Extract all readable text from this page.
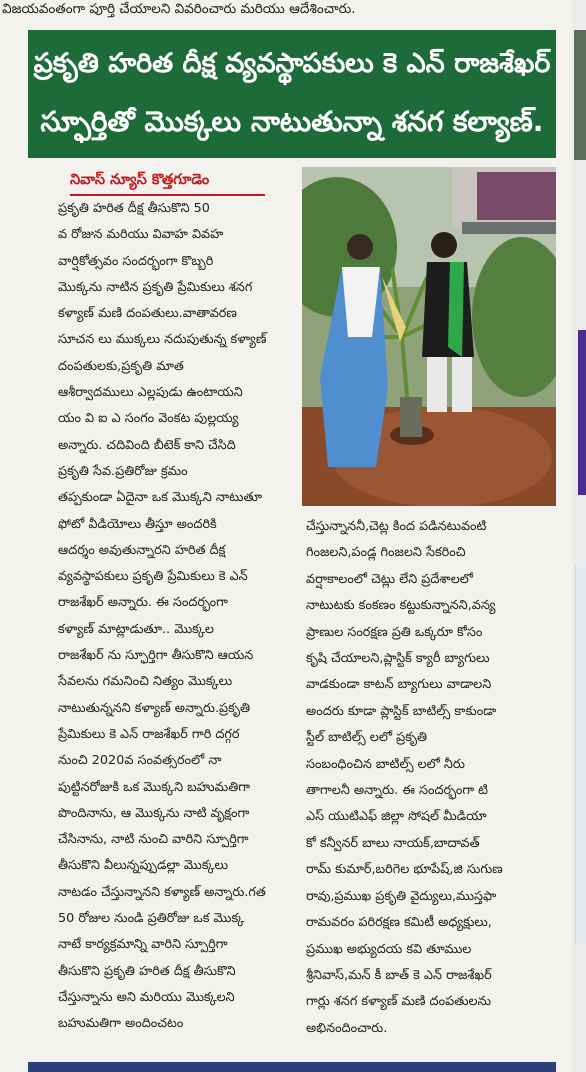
విజయవంతంగా పూర్తి చేయాలని వివరించారు మరియు ఆదేశించారు.
ప్రకృతి హరిత దీక్ష వ్యవస్థాపకులు కె ఎన్ రాజశేఖర్
స్ఫూర్తితో మొక్కలు నాటుతున్నా శనగ కల్యాణ్.
నివాస్ న్యూస్ కొత్తగూడెం
ప్రకృతి హరిత దీక్ష తీసుకొని 50
వ రోజున మరియు వివాహ వివహ
వార్షికోత్సవం సందర్భంగా కొబ్బరి
మొక్కను నాటిన ప్రకృతి ప్రేమికులు శనగ
కళ్యాణ్ మణి దంపతులు.వాతావరణ
సూచన లు ముక్కలు నదుపుతున్న కళ్యాణ్
దంపతులకు,ప్రకృతి మాత
ఆశీర్వాదములు ఎల్లపుడు ఉంటాయని
యం వి ఐ ఎ సంగం వెంకట పుల్లయ్య
అన్నారు. చదివింది బీటెక్ కాని చేసిది
ప్రకృతి సేవ.ప్రతిరోజు క్రమం
తప్పకుండా ఏదైనా ఒక మొక్కని నాటుతూ
ఫోటో వీడియోలు తీస్తూ అందరికి
ఆదర్శం అవుతున్నారని హరిత దీక్ష
వ్యవస్థాపకులు ప్రకృతి ప్రేమికులు కె ఎన్
రాజశేఖర్ అన్నారు. ఈ సందర్భంగా
కళ్యాణ్ మాట్లాడుతూ.. మొక్కల
రాజశేఖర్ ను స్ఫూర్తిగా తీసుకొని ఆయన
సేవలను గమనించి నిత్యం మొక్కలు
నాటుతున్ననని కళ్యాణ్ అన్నారు.ప్రకృతి
ప్రేమికులు కె ఎన్ రాజశేఖర్ గారి దగ్గర
నుంచి 2020వ సంవత్సరంలో నా
పుట్టినరోజుకి ఒక మొక్కని బహుమతిగా
పొందినాను, ఆ మొక్కను నాటి వృక్షంగా
చేసినాను, నాటి నుంచి వారిని స్పూర్తిగా
తీసుకొని వీలున్నప్పుడల్లా మొక్కలు
నాటడం చేస్తున్నానని కళ్యాణ్ అన్నారు.గత
50 రోజుల నుండి ప్రతిరోజు ఒక మొక్క
నాటే కార్యక్రమాన్ని వారిని స్పూర్తిగా
తీసుకొని ప్రకృతి హరిత దీక్ష తీసుకొని
చేస్తున్నాను అని మరియు మొక్కలని
బహుమతిగా అందించటం
చేస్తున్నాననీ,చెట్ల కింద పడినటువంటి
గింజలని,పండ్ల గింజలని సేకరించి
వర్షాకాలంలో చెట్లు లేని ప్రదేశాలలో
నాటుటకు కంకణం కట్టుకున్నానని,వన్య
ప్రాణుల సంరక్షణ ప్రతి ఒక్కరూ కోసం
కృషి చేయాలని,ప్లాస్టిక్ క్యారీ బ్యాగులు
వాడకుండా కాటన్ బ్యాగులు వాడాలని
అందరు కూడా ప్లాస్టిక్ బాటిల్స్ కాకుండా
స్టీల్ బాటిల్స్ లలో ప్రకృతి
సంబంధించిన బాటిల్స్ లలో నీరు
తాగాలనీ అన్నారు. ఈ సందర్భంగా టి
ఎస్ యుటిఎఫ్ జిల్లా సోషల్ మీడియా
కో కన్వీనర్ బాలు నాయక్,బాదావత్
రామ్ కుమార్,బరిగెల భూపేష్,జి సుగుణ
రావు,ప్రముఖ ప్రకృతి వైద్యులు,ముస్తఫా
రామవరం పరిరక్షణ కమిటీ అధ్యక్షులు,
ప్రముఖ అభ్యుదయ కవి తూముల
శ్రీనివాస్,మన్ కీ బాత్ కె ఎన్ రాజశేఖర్
గార్లు శనగ కళ్యాణ్ మణి దంపతులను
అభినందించారు.
